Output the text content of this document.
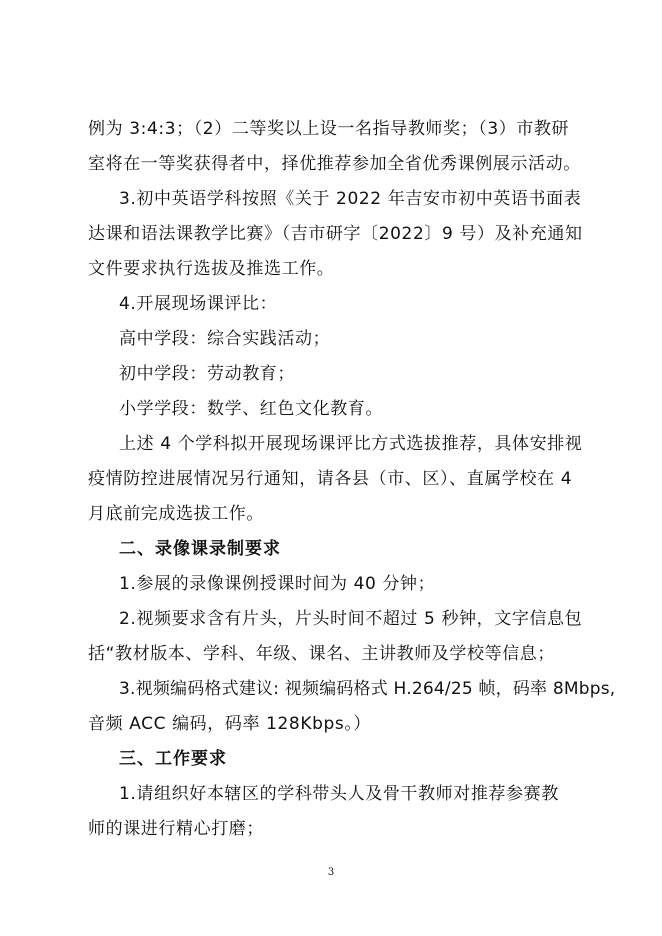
例为 3:4:3；（2）二等奖以上设一名指导教师奖；（3）市教研
室将在一等奖获得者中，择优推荐参加全省优秀课例展示活动。
3.初中英语学科按照《关于 2022 年吉安市初中英语书面表
达课和语法课教学比赛》（吉市研字〔2022〕9 号）及补充通知
文件要求执行选拔及推选工作。
4.开展现场课评比：
高中学段：综合实践活动；
初中学段：劳动教育；
小学学段：数学、红色文化教育。
上述 4 个学科拟开展现场课评比方式选拔推荐，具体安排视
疫情防控进展情况另行通知，请各县（市、区）、直属学校在 4
月底前完成选拔工作。
二、录像课录制要求
1.参展的录像课例授课时间为 40 分钟；
2.视频要求含有片头，片头时间不超过 5 秒钟，文字信息包
括“教材版本、学科、年级、课名、主讲教师及学校等信息；
3.视频编码格式建议: 视频编码格式 H.264/25 帧，码率 8Mbps,
音频 ACC 编码，码率 128Kbps。）
三、工作要求
1.请组织好本辖区的学科带头人及骨干教师对推荐参赛教
师的课进行精心打磨；
3
